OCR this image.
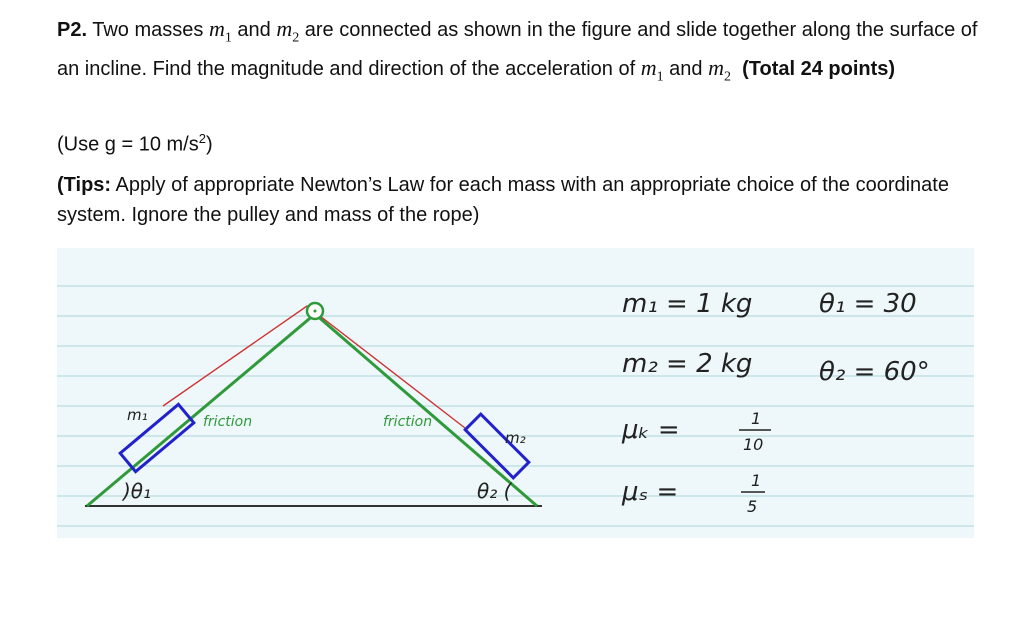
P2. Two masses $m_1$ and $m_2$ are connected as shown in the figure and slide together along the surface of an incline. Find the magnitude and direction of the acceleration of $m_1$ and $m_2$ (Total 24 points)
(Use g = 10 $m/s^2$)
(Tips: Apply of appropriate Newton’s Law for each mass with an appropriate choice of the coordinate system. Ignore the pulley and mass of the rope)
m₁
m₂
friction	friction
)θ₁	θ₂ (
m₁ = 1 kg
m₂ = 2 kg
μₖ =	1
10
μₛ =	1
5
θ₁ = 30
θ₂ = 60°
